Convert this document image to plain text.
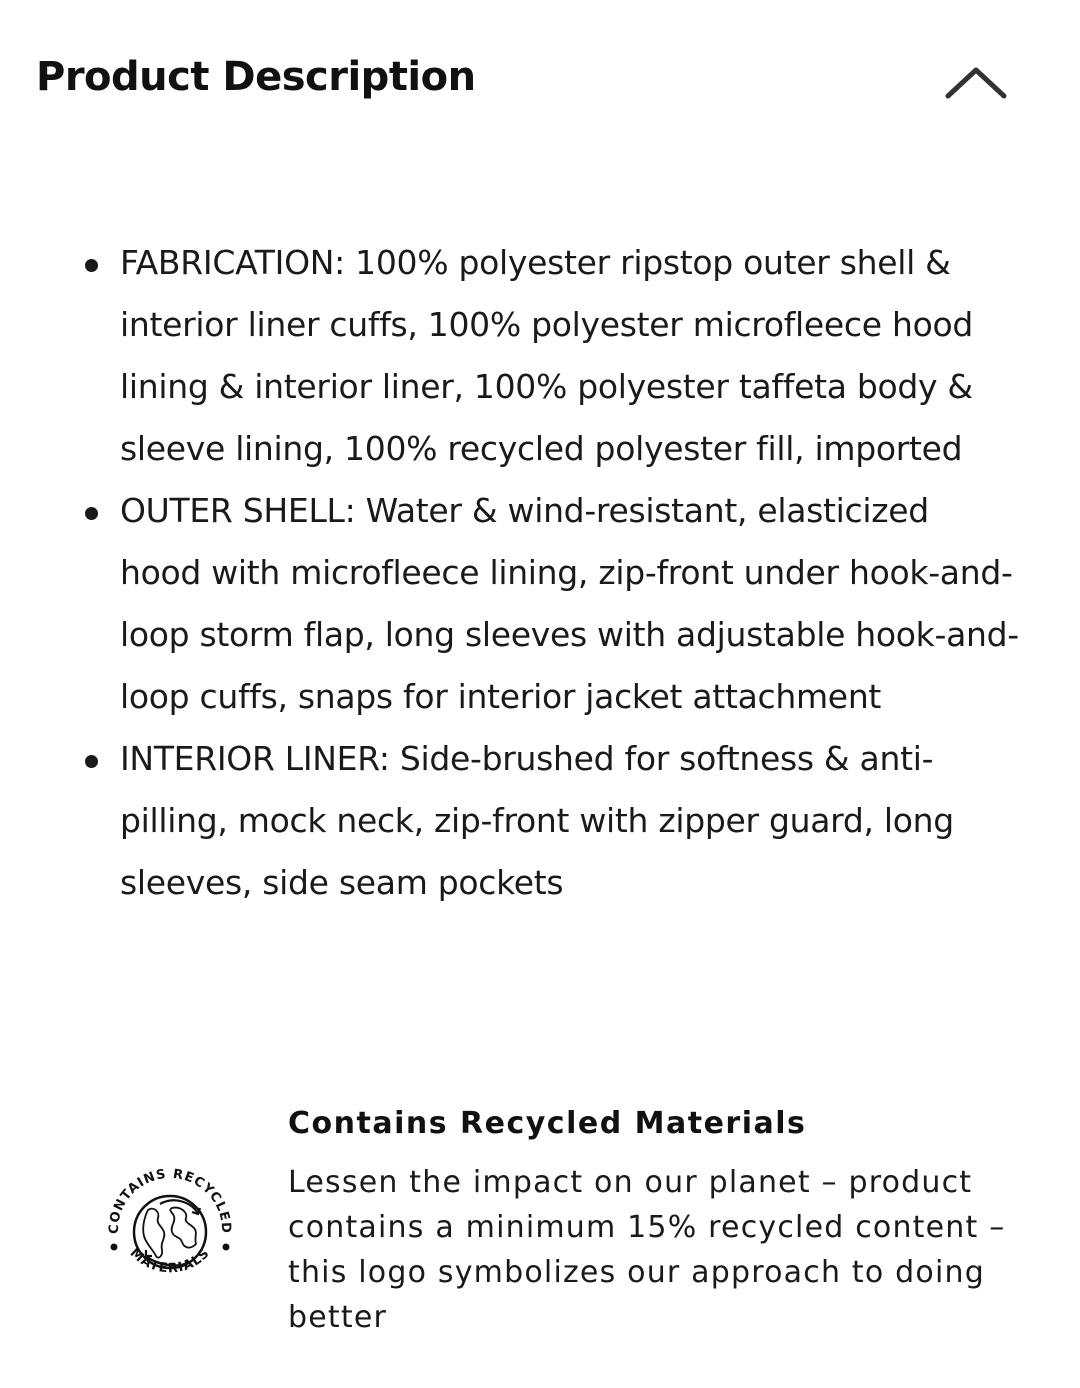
Product Description
FABRICATION: 100% polyester ripstop outer shell & interior liner cuffs, 100% polyester microfleece hood lining & interior liner, 100% polyester taffeta body & sleeve lining, 100% recycled polyester fill, imported
OUTER SHELL: Water & wind-resistant, elasticized hood with microfleece lining, zip-front under hook-and-loop storm flap, long sleeves with adjustable hook-and-loop cuffs, snaps for interior jacket attachment
INTERIOR LINER: Side-brushed for softness & anti-pilling, mock neck, zip-front with zipper guard, long sleeves, side seam pockets
CONTAINS RECYCLED
MATERIALS
Contains Recycled Materials

Lessen the impact on our planet – product contains a minimum 15% recycled content – this logo symbolizes our approach to doing better
